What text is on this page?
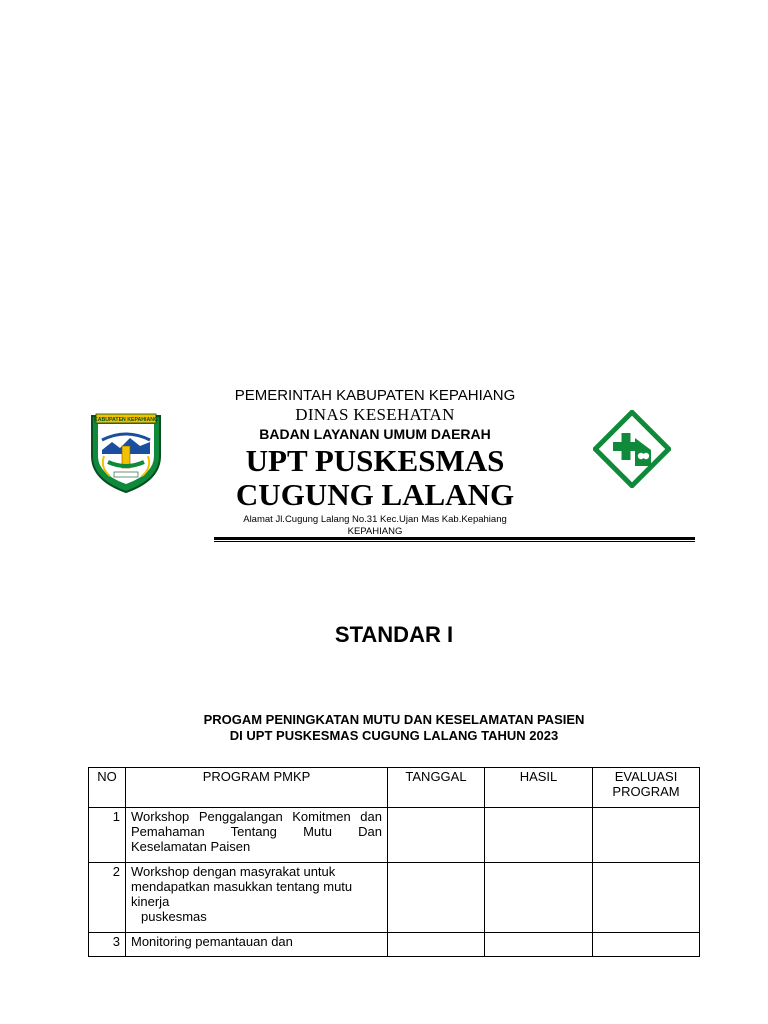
KABUPATEN KEPAHIANG
PEMERINTAH KABUPATEN KEPAHIANG
DINAS KESEHATAN
BADAN LAYANAN UMUM DAERAH
UPT PUSKESMAS
CUGUNG LALANG
Alamat Jl.Cugung Lalang No.31 Kec.Ujan Mas Kab.Kepahiang
KEPAHIANG
STANDAR I
PROGAM PENINGKATAN MUTU DAN KESELAMATAN PASIEN
DI UPT PUSKESMAS CUGUNG LALANG TAHUN 2023
NO	PROGRAM PMKP	TANGGAL	HASIL	EVALUASI
PROGRAM
1	Workshop Penggalangan Komitmen dan Pemahaman Tentang Mutu Dan Keselamatan Paisen			
2	Workshop dengan masyrakat untuk mendapatkan masukkan tentang mutu kinerja
puskesmas			

3	Monitoring pemantauan dan			
